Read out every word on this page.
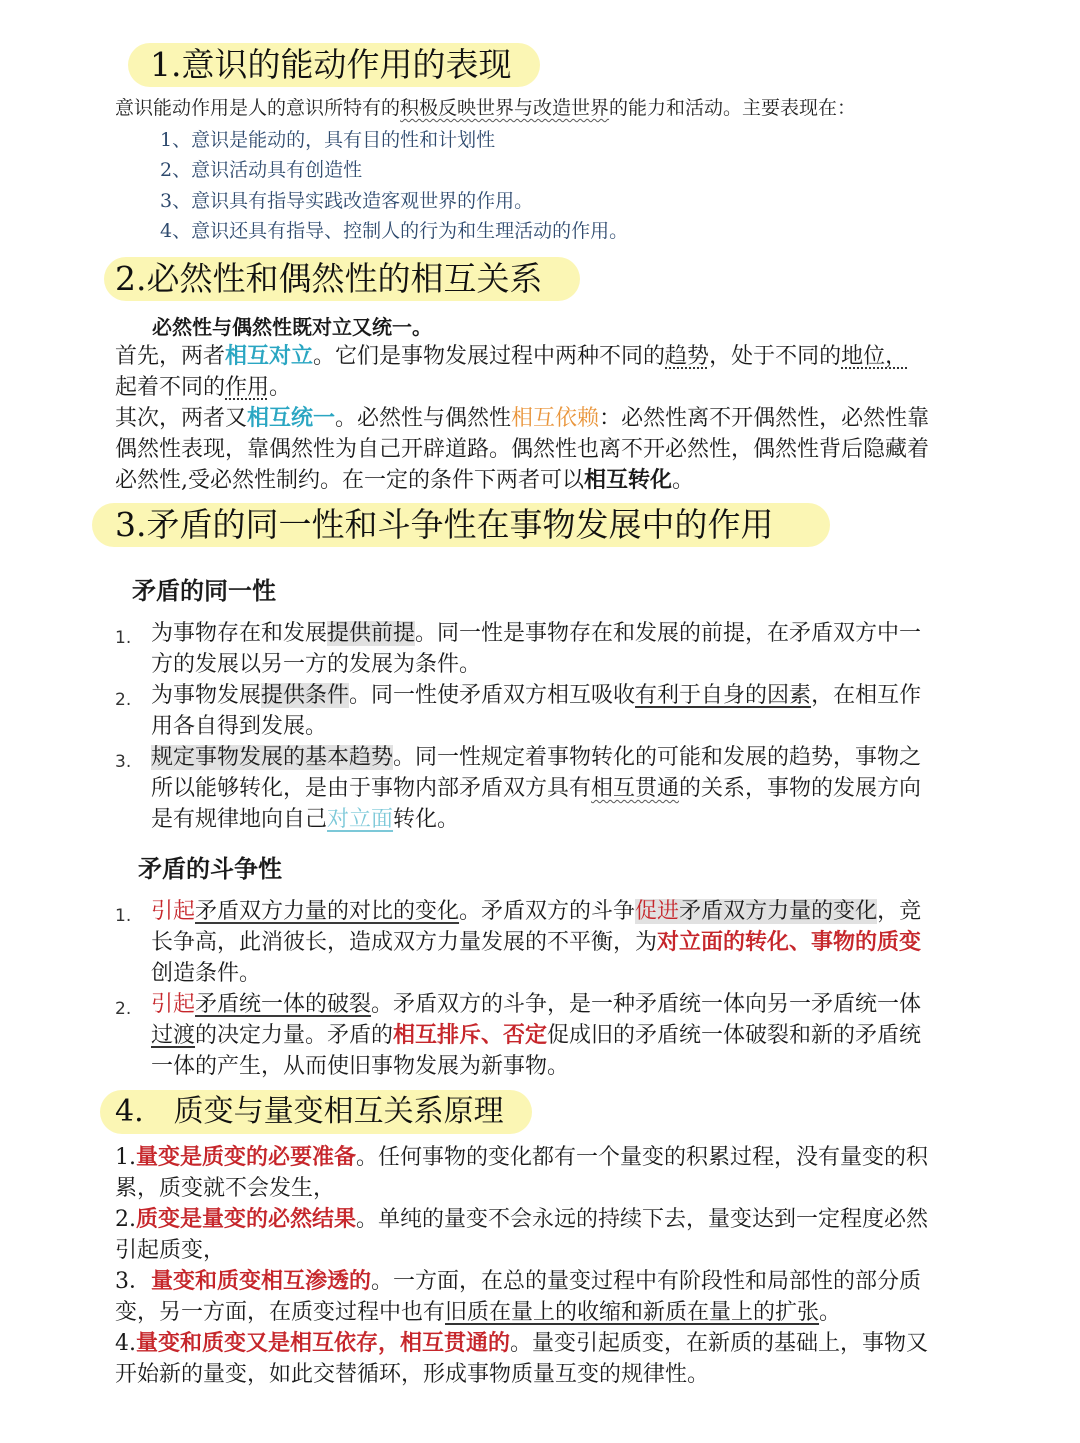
1.意识的能动作用的表现
意识能动作用是人的意识所特有的积极反映世界与改造世界的能力和活动。主要表现在：
1、意识是能动的，具有目的性和计划性
2、意识活动具有创造性
3、意识具有指导实践改造客观世界的作用。
4、意识还具有指导、控制人的行为和生理活动的作用。
2.必然性和偶然性的相互关系
必然性与偶然性既对立又统一。
首先，两者相互对立。它们是事物发展过程中两种不同的趋势，处于不同的地位，
起着不同的作用。
其次，两者又相互统一。必然性与偶然性相互依赖：必然性离不开偶然性，必然性靠偶然性表现，靠偶然性为自己开辟道路。偶然性也离不开必然性，偶然性背后隐藏着必然性,受必然性制约。在一定的条件下两者可以相互转化。
3.矛盾的同一性和斗争性在事物发展中的作用
矛盾的同一性
1. 为事物存在和发展提供前提。同一性是事物存在和发展的前提，在矛盾双方中一方的发展以另一方的发展为条件。
2. 为事物发展提供条件。同一性使矛盾双方相互吸收有利于自身的因素，在相互作用各自得到发展。
3. 规定事物发展的基本趋势。同一性规定着事物转化的可能和发展的趋势，事物之所以能够转化，是由于事物内部矛盾双方具有相互贯通的关系，事物的发展方向是有规律地向自己对立面转化。
矛盾的斗争性
1. 引起矛盾双方力量的对比的变化。矛盾双方的斗争促进矛盾双方力量的变化，竞长争高，此消彼长，造成双方力量发展的不平衡，为对立面的转化、事物的质变创造条件。
2. 引起矛盾统一体的破裂。矛盾双方的斗争，是一种矛盾统一体向另一矛盾统一体过渡的决定力量。矛盾的相互排斥、否定促成旧的矛盾统一体破裂和新的矛盾统一体的产生，从而使旧事物发展为新事物。
4.　质变与量变相互关系原理
1.量变是质变的必要准备。任何事物的变化都有一个量变的积累过程，没有量变的积累，质变就不会发生，
2.质变是量变的必然结果。单纯的量变不会永远的持续下去，量变达到一定程度必然引起质变，
3．量变和质变相互渗透的。一方面，在总的量变过程中有阶段性和局部性的部分质变，另一方面，在质变过程中也有旧质在量上的收缩和新质在量上的扩张。
4.量变和质变又是相互依存，相互贯通的。量变引起质变，在新质的基础上，事物又开始新的量变，如此交替循环，形成事物质量互变的规律性。
